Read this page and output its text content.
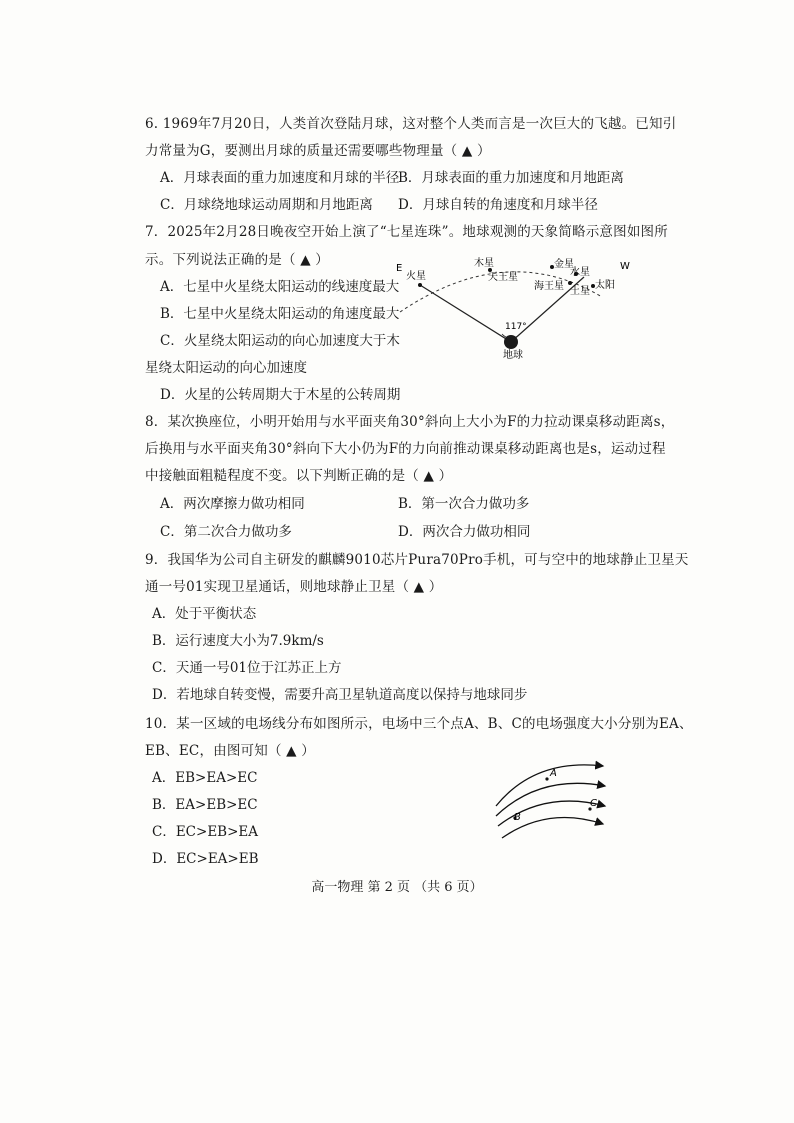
6. 1969年7月20日，人类首次登陆月球，这对整个人类而言是一次巨大的飞越。已知引
力常量为G，要测出月球的质量还需要哪些物理量（ ▲ ）
A．月球表面的重力加速度和月球的半径
B．月球表面的重力加速度和月地距离
C．月球绕地球运动周期和月地距离 D．月球自转的角速度和月球半径
7．2025年2月28日晚夜空开始上演了“七星连珠”。地球观测的天象简略示意图如图所
示。下列说法正确的是（ ▲ ）
A．七星中火星绕太阳运动的线速度最大
B．七星中火星绕太阳运动的角速度最大
C．火星绕太阳运动的向心加速度大于木
星绕太阳运动的向心加速度
D．火星的公转周期大于木星的公转周期
E	W
火星
木星
天王星
金星
水星
海王星 土星
太阳
117°
地球
8．某次换座位，小明开始用与水平面夹角30°斜向上大小为F的力拉动课桌移动距离s，
后换用与水平面夹角30°斜向下大小仍为F的力向前推动课桌移动距离也是s，运动过程
中接触面粗糙程度不变。以下判断正确的是（ ▲ ）
A．两次摩擦力做功相同	B．第一次合力做功多
C．第二次合力做功多	D．两次合力做功相同
9．我国华为公司自主研发的麒麟9010芯片Pura70Pro手机，可与空中的地球静止卫星天
通一号01实现卫星通话，则地球静止卫星（ ▲ ）
A．处于平衡状态
B．运行速度大小为7.9km/s
C．天通一号01位于江苏正上方
D．若地球自转变慢，需要升高卫星轨道高度以保持与地球同步
10．某一区域的电场线分布如图所示，电场中三个点A、B、C的电场强度大小分别为EA、
EB、EC，由图可知（ ▲ ）
A．EB>EA>EC
B．EA>EB>EC
C．EC>EB>EA
D．EC>EA>EB
A
B
C
高一物理 第 2 页 （共 6 页）
